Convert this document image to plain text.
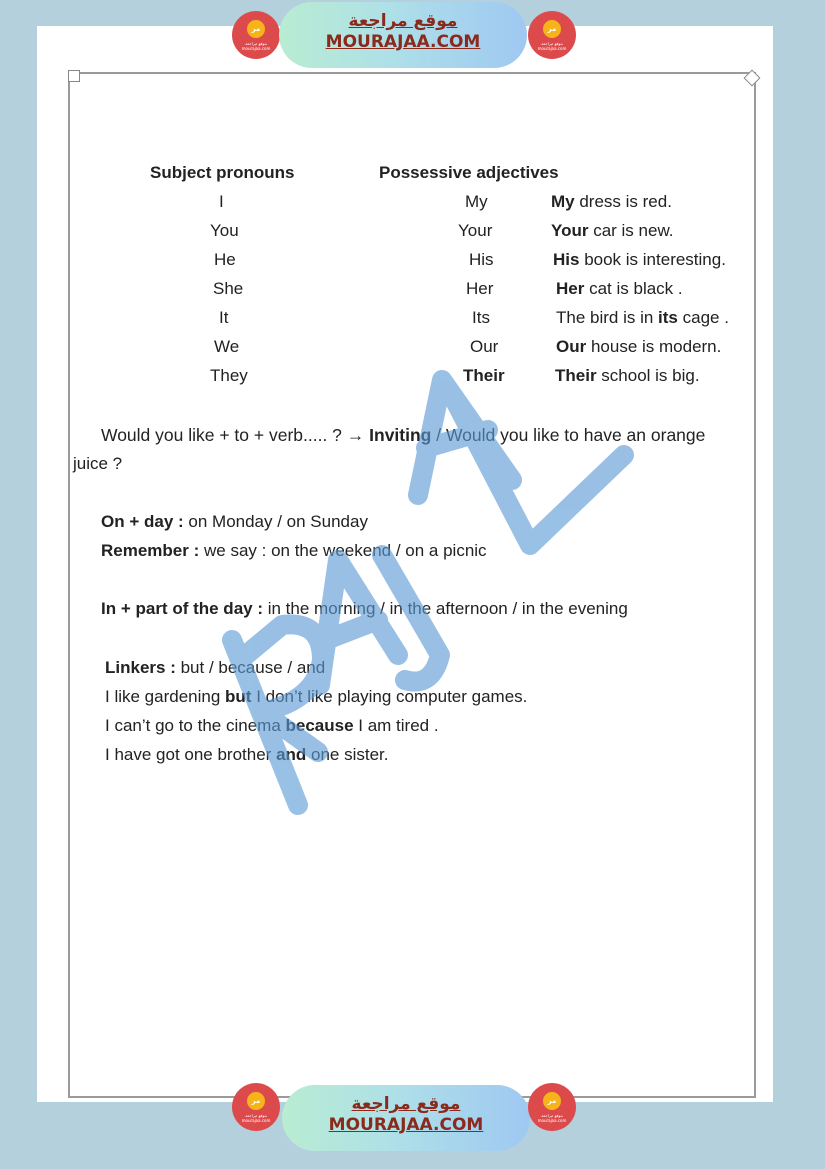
مر
موقع مراجعة mourajaa.com
موقع مراجعة
MOURAJAA.COM
مر
موقع مراجعة mourajaa.com
مر
موقع مراجعة mourajaa.com
موقع مراجعة
MOURAJAA.COM
مر
موقع مراجعة mourajaa.com
Subject pronouns	Possessive adjectives
I	My	My dress is red.
You	Your	Your car is new.
He	His	His book is interesting.
She	Her	Her cat is black .
It	Its	The bird is in its cage .
We	Our	Our house is modern.
They	Their	Their school is big.
Would you like + to + verb..... ? → Inviting / Would you like to have an orange
juice ?
On + day : on Monday / on Sunday
Remember : we say : on the weekend / on a picnic
In + part of the day : in the morning / in the afternoon / in the evening
Linkers : but / because / and
I like gardening but I don’t like playing computer games.
I can’t go to the cinema because I am tired .
I have got one brother and one sister.
